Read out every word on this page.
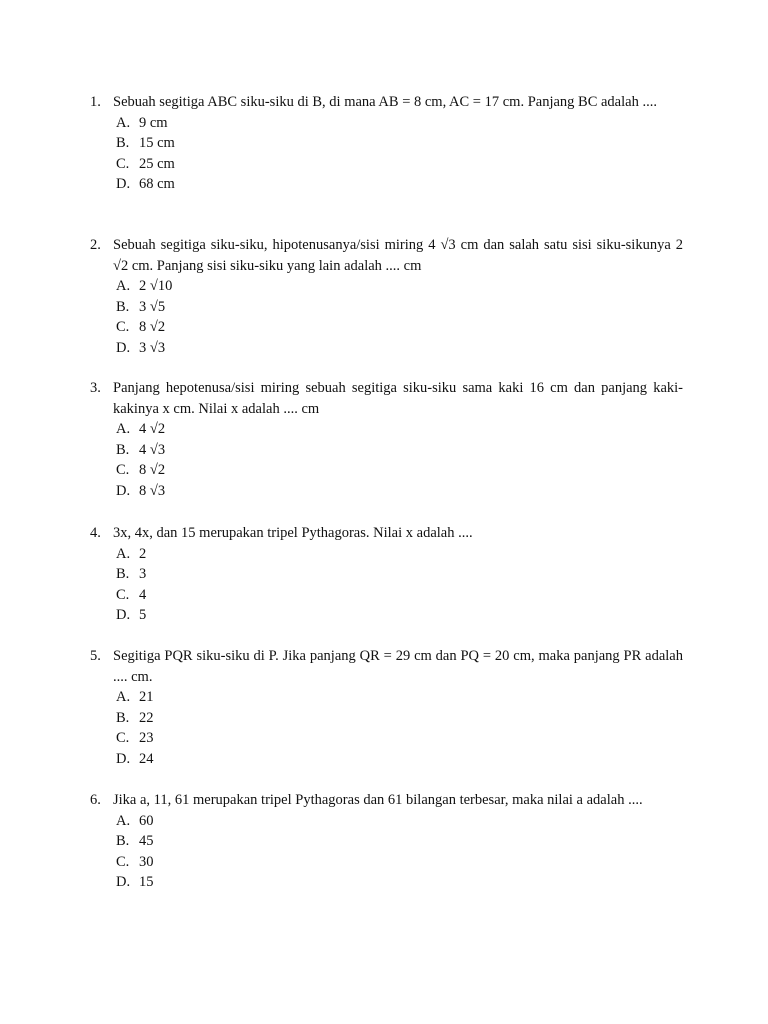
1. Sebuah segitiga ABC siku-siku di B, di mana AB = 8 cm, AC = 17 cm. Panjang BC adalah ....
A. 9 cm
B. 15 cm
C. 25 cm
D. 68 cm
2. Sebuah segitiga siku-siku, hipotenusanya/sisi miring 4 √3 cm dan salah satu sisi siku-sikunya 2 √2 cm. Panjang sisi siku-siku yang lain adalah .... cm
A. 2 √10
B. 3 √5
C. 8 √2
D. 3 √3
3. Panjang hepotenusa/sisi miring sebuah segitiga siku-siku sama kaki 16 cm dan panjang kaki-kakinya x cm. Nilai x adalah .... cm
A. 4 √2
B. 4 √3
C. 8 √2
D. 8 √3
4. 3x, 4x, dan 15 merupakan tripel Pythagoras. Nilai x adalah ....
A. 2
B. 3
C. 4
D. 5
5. Segitiga PQR siku-siku di P. Jika panjang QR = 29 cm dan PQ = 20 cm, maka panjang PR adalah .... cm.
A. 21
B. 22
C. 23
D. 24
6. Jika a, 11, 61 merupakan tripel Pythagoras dan 61 bilangan terbesar, maka nilai a adalah ....
A. 60
B. 45
C. 30
D. 15
